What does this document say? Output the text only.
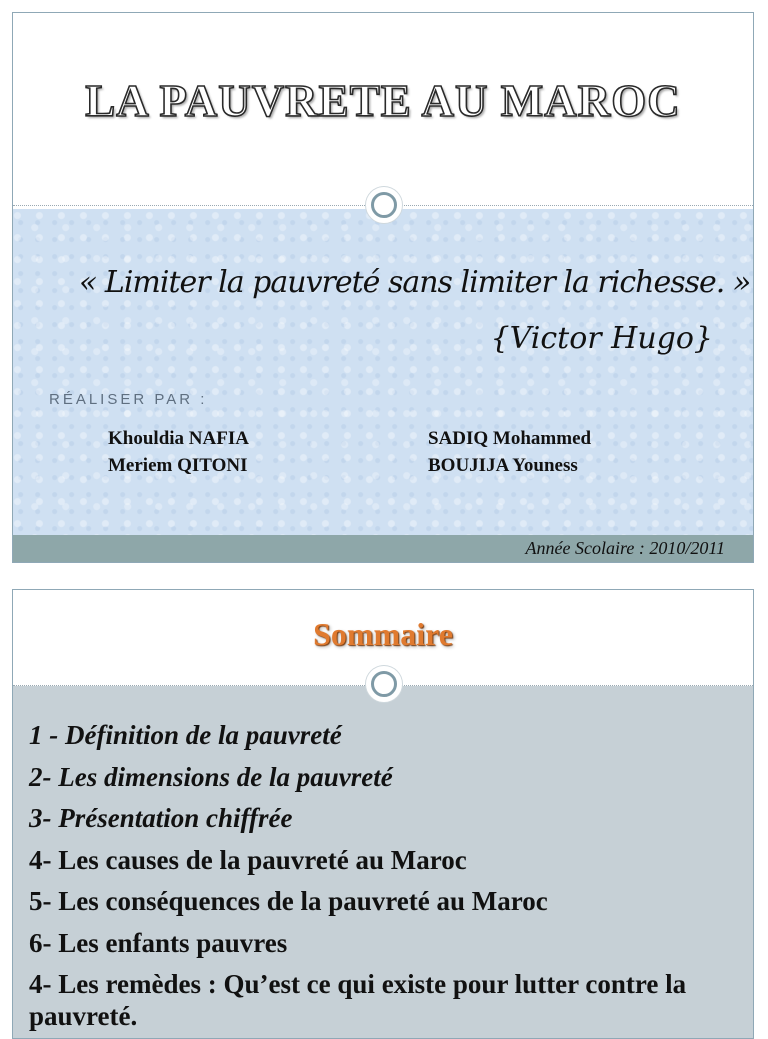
LA PAUVRETE AU MAROC
« Limiter la pauvreté sans limiter la richesse. »
{Victor Hugo}
RÉALISER PAR :
Khouldia NAFIA
Meriem QITONI
SADIQ Mohammed
BOUJIJA Youness
Année Scolaire : 2010/2011
Sommaire
1 - Définition de la pauvreté
2- Les dimensions de la pauvreté
3- Présentation chiffrée
4- Les causes de la pauvreté au Maroc
5- Les conséquences de la pauvreté au Maroc
6- Les enfants pauvres
4- Les remèdes : Qu’est ce qui existe pour lutter contre la pauvreté.
